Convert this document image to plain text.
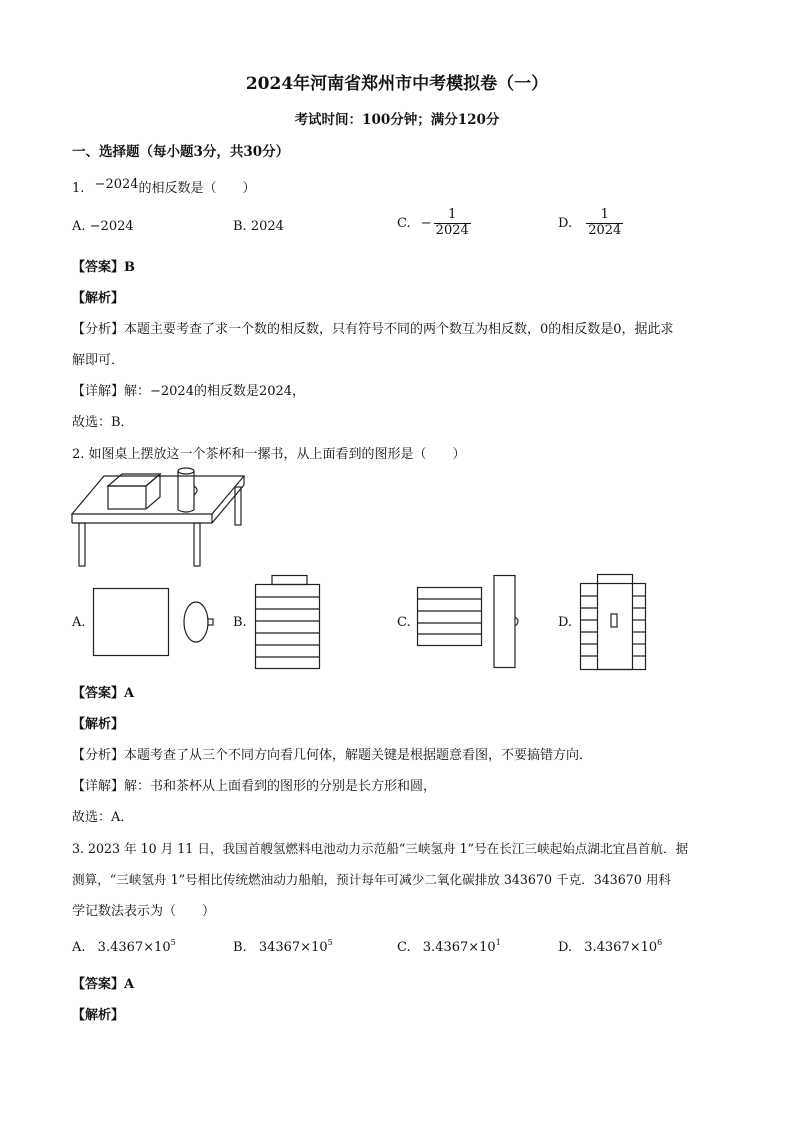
2024年河南省郑州市中考模拟卷（一）
考试时间：100分钟；满分120分
一、选择题（每小题3分，共30分）
1. −2024的相反数是（　　）
A. −2024	B. 2024	C. − $\frac{1}{2024}$	D. $\frac{1}{2024}$
【答案】B
【解析】
【分析】本题主要考查了求一个数的相反数，只有符号不同的两个数互为相反数，0的相反数是0，据此求
解即可．
【详解】解：−2024的相反数是2024，
故选：B．
2. 如图桌上摆放这一个茶杯和一摞书，从上面看到的图形是（　　）
A.	B.	C.	D.
【答案】A
【解析】
【分析】本题考查了从三个不同方向看几何体，解题关键是根据题意看图，不要搞错方向．
【详解】解：书和茶杯从上面看到的图形的分别是长方形和圆，
故选：A．
3. 2023 年 10 月 11 日，我国首艘氢燃料电池动力示范船“三峡氢舟 1”号在长江三峡起始点湖北宜昌首航．据
测算，“三峡氢舟 1”号相比传统燃油动力船舶，预计每年可减少二氧化碳排放 343670 千克．343670 用科
学记数法表示为（　　）
A. $3.4367\times 10^5$	B. $34367\times 10^5$	C. $3.4367\times 10^1$	D. $3.4367\times 10^6$
【答案】A
【解析】
